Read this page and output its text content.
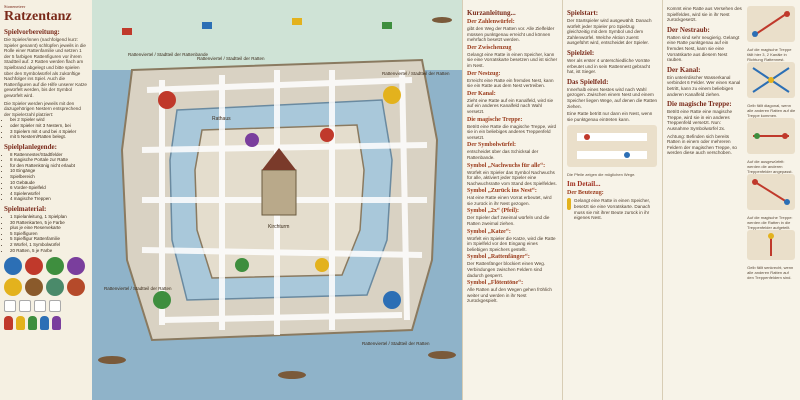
Stoneneteer
Ratzentanz
Spielvorbereitung:
Die Spieler/innen (nachfolgend kurz: Spieler genannt) schlüpfen jeweils in die Rolle einer Rattenfamilie und setzen 1 der 5 farbigen Rattenfiguren vor ihrem Stadtteil auf. 2 Ratten werden flach am Spielbrand abgelegt und bitte spielen über den Symbolwürfel als zukünftige Nachfolger ins Spiel. Auch die Rattenfiguren auf die Hilfe unserer Katze gewürfelt werden, bis der Symbol gewürfelt wird.
Die Spieler werden jeweils mit den dazugehörigen Nestern entsprechend der Spielerzahl platziert:
• bei 2 Spieler wird
• oder Spieler mit 3 Nestern, bei
• 3 Spielern mit 4 und bei 4 Spieler
• mit 5 Nestern/Ratten belegt.
Spielplanlegende:
• 8 Rattennester/Stadtfelder
• 8 magische Portale zur Ratte
• für den Rattenkönig nicht erlaubt
• 10 Eingänge
• Spielbereich
• 10 Gebäude
• 6 Vorder-Spielfeld
• 4 Spielerwürfel
• 4 magische Treppen
Spielmaterial:
• 1 Spielanleitung, 1 Spielplan
• 30 Rattenkarten, 5 je Farbe
• plus je eine Reservekarte
• 5 Spielfiguren
• 5 Spielfigur Rattenfamilie
• 2 Würfel, 1 Symbolwürfel
• 20 Ratten, 5 je Farbe
Rattenviertel / Stadtteil der Rattenbande
Rattenviertel / Stadtteil der Ratten
Rattenviertel / Stadtteil der Ratten
Rattenviertel / Stadtteil der Ratten
Rattenviertel / Stadtteil der Ratten
Kirchturm
Rathaus
Kurzanleitung...
Der Zahlenwürfel:
gibt den Weg der Ratten vor. Alle Zielfelder müssen punktgenau erreicht und können mehrfach besetzt werden.
Der Zwischenzug
Gelangt eine Ratte in einen Speicher, kann sie eine Vorratskarte besetzen und ist sicher im Nest.
Der Nestzug:
Erreicht eine Ratte ein fremdes Nest, kann sie ein Ratte aus dem Nest vertreiben.
Der Kanal:
Zieht eine Ratte auf ein Kanalfeld, wird sie auf ein anderes Kanalfeld nach Wahl versetzt.
Die magische Treppe:
Betritt eine Ratte die magische Treppe, wird sie in ein beliebiges anderes Treppenfeld versetzt.
Der Symbolwürfel:
entscheidet über das Schicksal der Rattenbande.
Symbol „Nachwuchs für alle“:
Würfelt ein Spieler das Symbol Nachwuchs für alle, aktiviert jeder Spieler eine Nachwuchsratte vom Stand des Spielfeldes.
Symbol „Zurück ins Nest“:
Hat eine Ratte einen Vorrat erbeutet, wird sie zurück in ihr Nest gezogen.
Symbol „2x“ (Pfeil):
Der Spieler darf zweimal würfeln und die Ratten zweimal ziehen.
Symbol „Katze“:
Würfelt ein Spieler die Katze, wird die Ratte im Spielfeld vor den Eingang eines beliebigen Speichers gestellt.
Symbol „Rattenfänger“:
Der Rattenfänger blockiert einen Weg. Verbindungen zwischen Feldern sind dadurch gesperrt.
Symbol „Flötentöne“:
Alle Ratten auf den Wegen gehen fröhlich weiter und werden in ihr Nest zurückgespielt.
Spielstart:
Der Startspieler wird ausgewählt. Danach würfelt jeder Spieler pro Spielzug gleichzeitig mit dem Symbol und dem Zahlenwürfel. Welche Aktion zuerst ausgeführt wird, entscheidet der Spieler.
Spielziel:
Wer als erster 4 unterschiedliche Vorräte erbeutet und in sein Rattennest gebracht hat, ist Sieger.
Das Spielfeld:
Innerhalb eines Nestes wird nach Wahl gezogen. Zwischen einem Nest und einem Speicher liegen Wege, auf denen die Ratten ziehen.
Eine Ratte betritt nur dann ein Nest, wenn sie punktgenau eintreten kann.
Die Pfeile zeigen die möglichen Wege.
Im Detail...
Der Beutezug:
Gelangt eine Ratte in einen Speicher, besetzt sie eine Vorratskarte. Danach muss sie mit ihrer Beute zurück in ihr eigenes Nest.
Kommt eine Ratte aus Versehen des Spielfeldes, wird sie in ihr Nest zurückgesetzt.
Der Nestraub:
Ratten sind sehr neugierig. Gelangt eine Ratte punktgenau auf ein fremdes Nest, kann sie eine Vorratskarte aus diesem Nest rauben.
Der Kanal:
Ein unterirdischer Wasserkanal verbindet 6 Felder. Wer einen Kanal betritt, kann zu einem beliebigen anderen Kanalfeld ziehen.
Die magische Treppe:
Betritt eine Ratte eine magische Treppe, wird sie in ein anderes Treppenfeld versetzt. Nun: Ausnahme Symbolwürfel 2x.
Achtung: Befinden sich bereits Ratten in einem oder mehreren Feldern der magischen Treppe, so werden diese auch verschoben.
Auf die magische Treppe fällt hier 3, 2 Kanäle in Richtung Rattennest.
Gelb fällt diagonal, wenn alle anderen Ratten auf die Treppe kommen.
Auf die ausgewürfelt: werden die anderen Treppenfelder angepasst.
Auf die magische Treppe: werden die Ratten in die Treppenfelder aufgeteilt.
Gelb fällt senkrecht, wenn alle anderen Ratten auf den Treppenfeldern sind.
